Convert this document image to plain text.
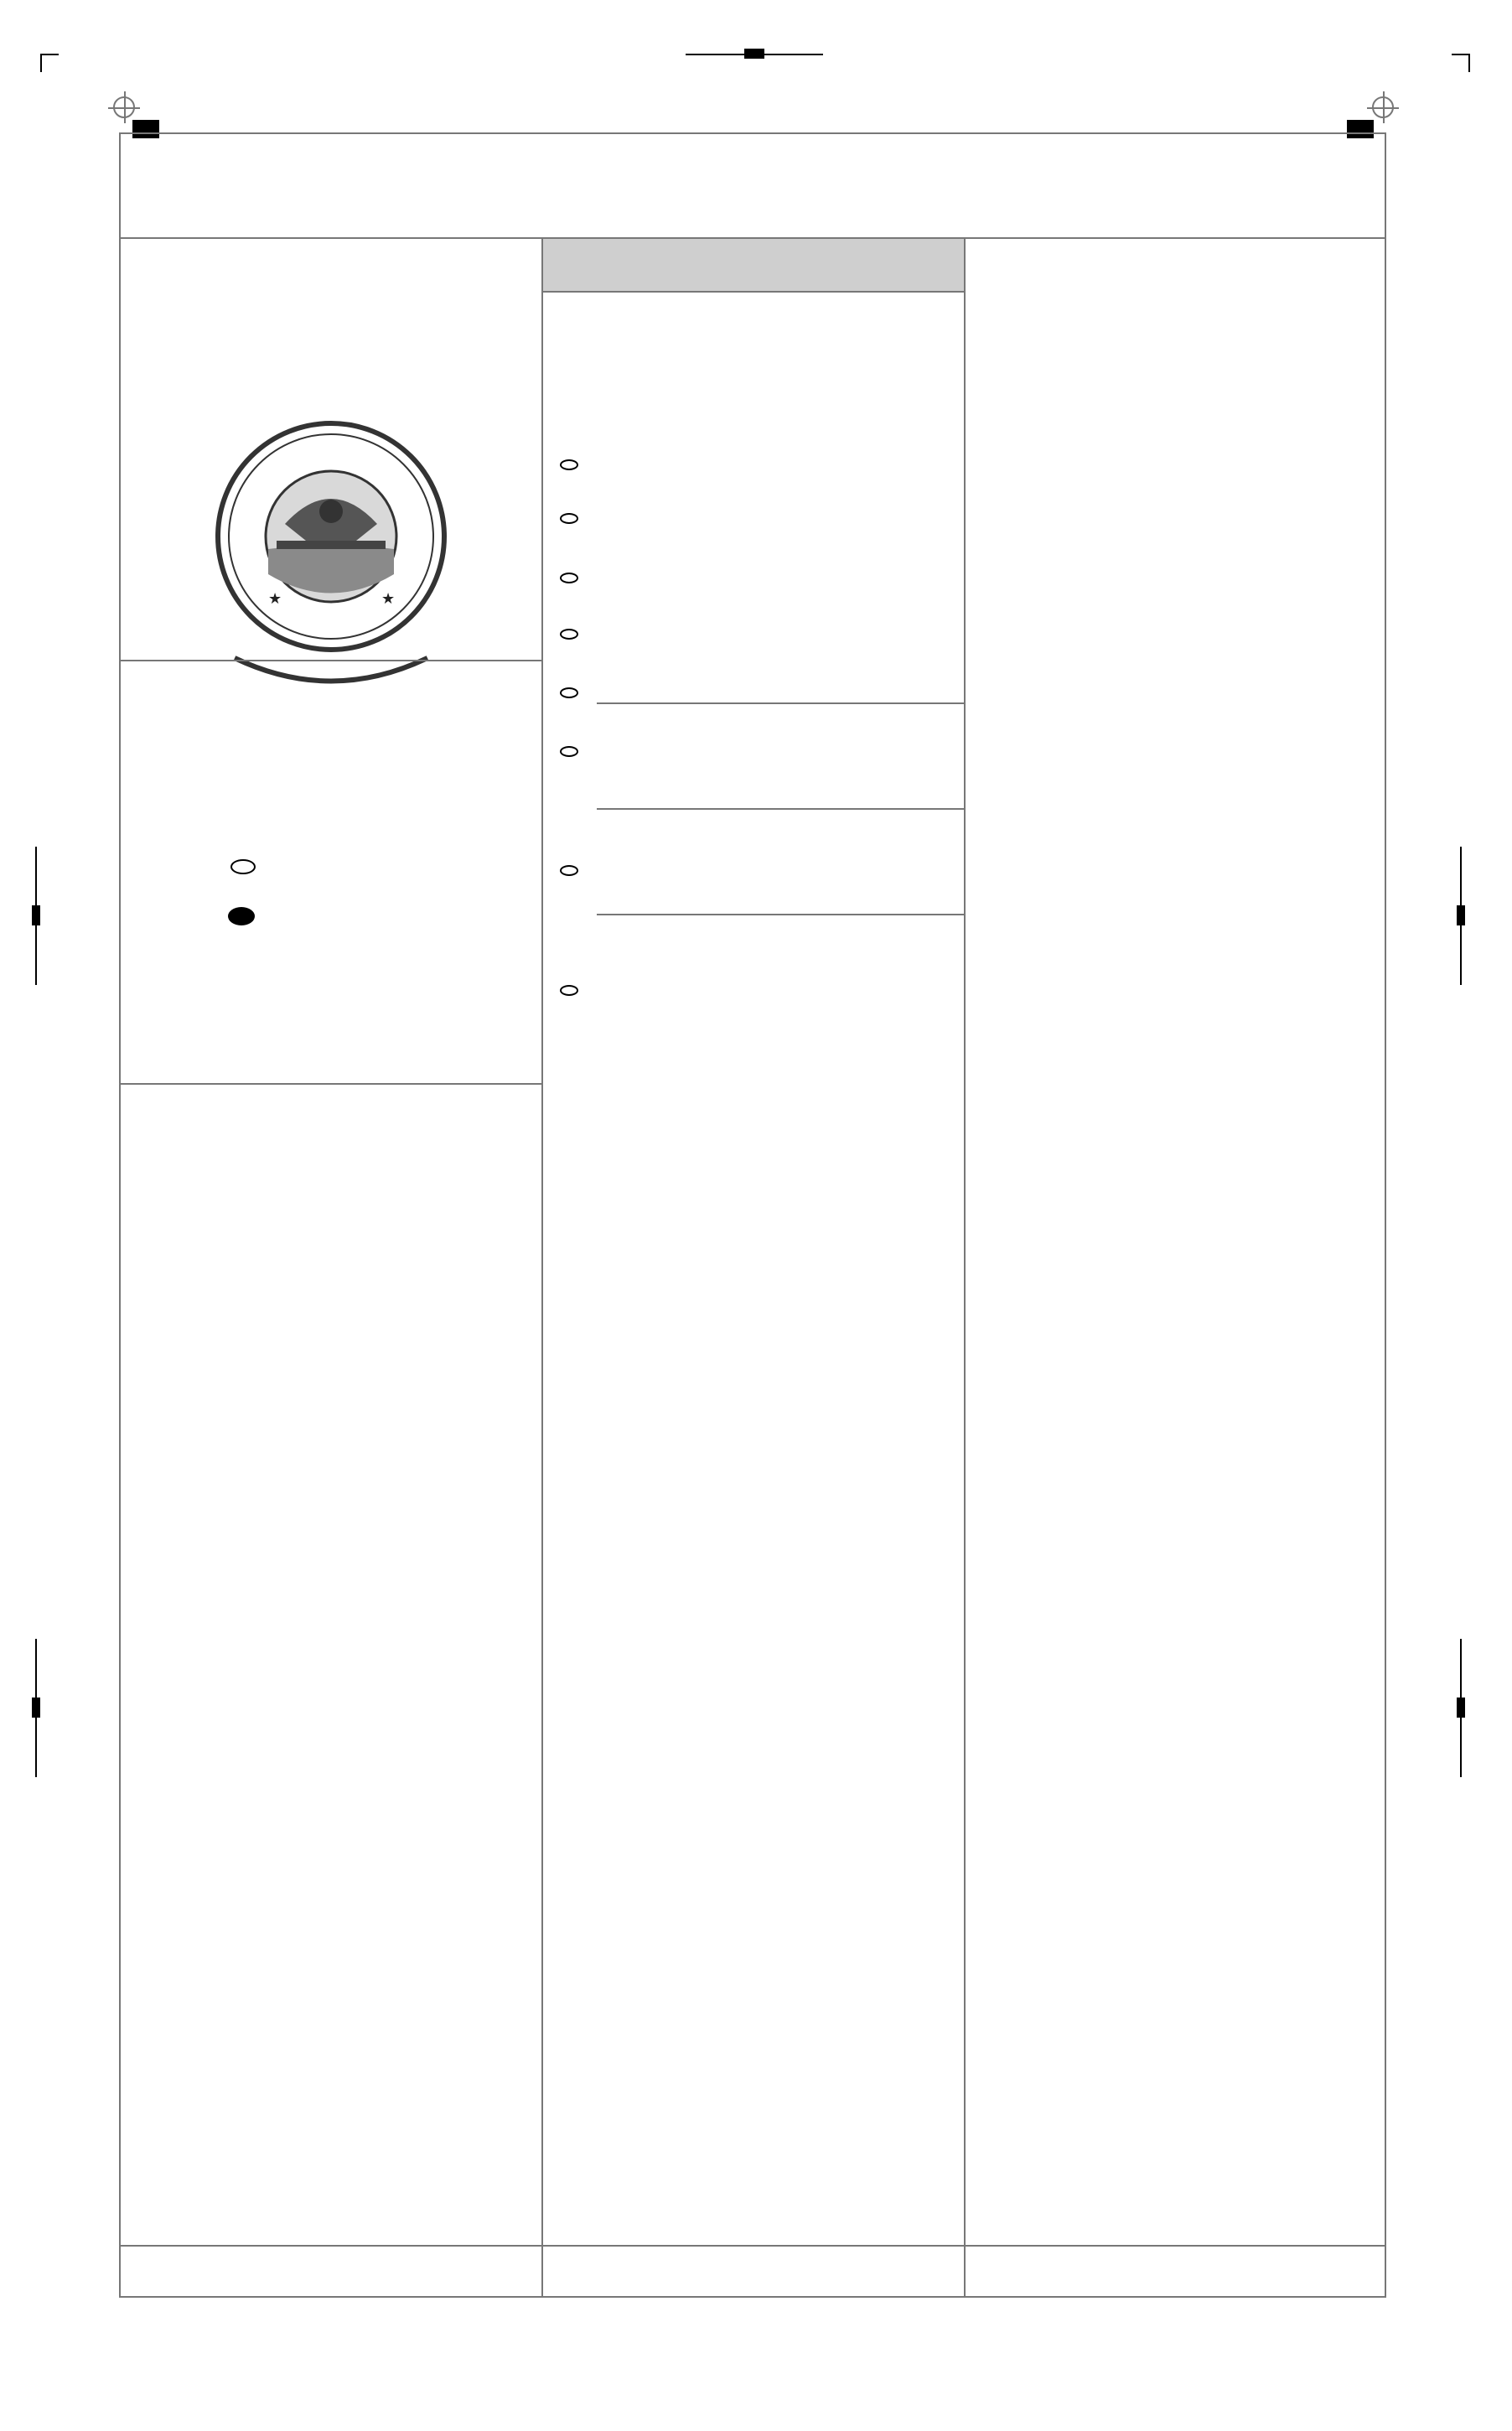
★	★
